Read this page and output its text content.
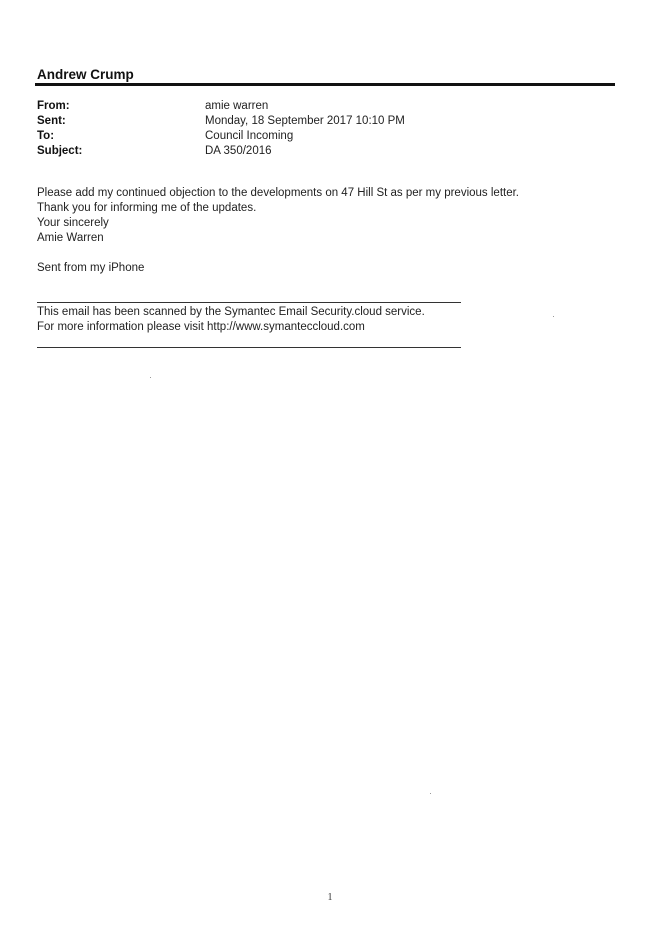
Andrew Crump
From:	amie warren
Sent:	Monday, 18 September 2017 10:10 PM
To:	Council Incoming
Subject:	DA 350/2016
Please add my continued objection to the developments on 47 Hill St as per my previous letter.
Thank you for informing me of the updates.
Your sincerely
Amie Warren
Sent from my iPhone
This email has been scanned by the Symantec Email Security.cloud service.
For more information please visit http://www.symanteccloud.com
1
